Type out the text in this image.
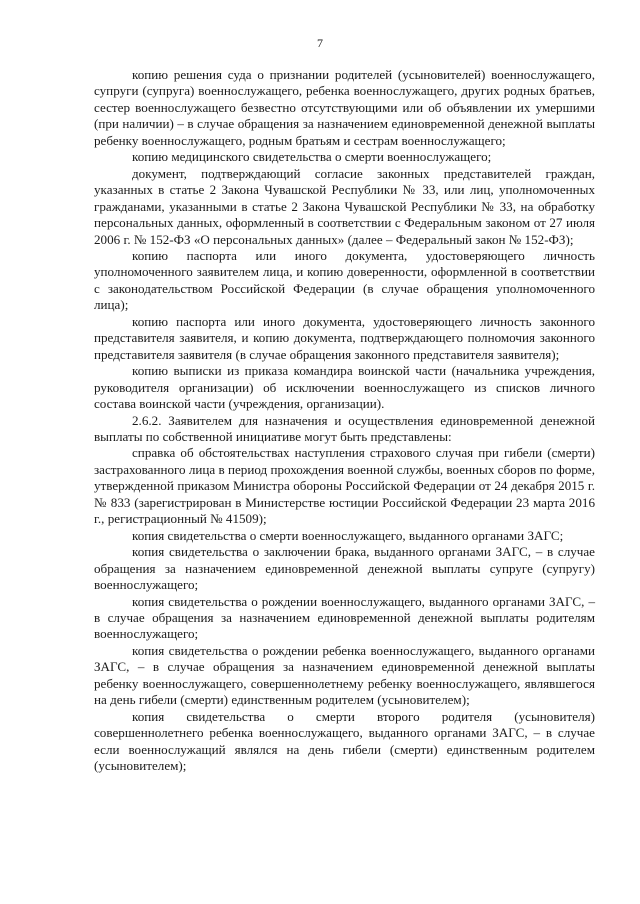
7

копию решения суда о признании родителей (усыновителей) военнослужащего, супруги (супруга) военнослужащего, ребенка военнослужащего, других родных братьев, сестер военнослужащего безвестно отсутствующими или об объявлении их умершими (при наличии) – в случае обращения за назначением единовременной денежной выплаты ребенку военнослужащего, родным братьям и сестрам военнослужащего;

копию медицинского свидетельства о смерти военнослужащего;

документ, подтверждающий согласие законных представителей граждан, указанных в статье 2 Закона Чувашской Республики № 33, или лиц, уполномоченных гражданами, указанными в статье 2 Закона Чувашской Республики № 33, на обработку персональных данных, оформленный в соответствии с Федеральным законом от 27 июля 2006 г. № 152-ФЗ «О персональных данных» (далее – Федеральный закон № 152-ФЗ);

копию паспорта или иного документа, удостоверяющего личность уполномоченного заявителем лица, и копию доверенности, оформленной в соответствии с законодательством Российской Федерации (в случае обращения уполномоченного лица);

копию паспорта или иного документа, удостоверяющего личность законного представителя заявителя, и копию документа, подтверждающего полномочия законного представителя заявителя (в случае обращения законного представителя заявителя);

копию выписки из приказа командира воинской части (начальника учреждения, руководителя организации) об исключении военнослужащего из списков личного состава воинской части (учреждения, организации).

2.6.2. Заявителем для назначения и осуществления единовременной денежной выплаты по собственной инициативе могут быть представлены:

справка об обстоятельствах наступления страхового случая при гибели (смерти) застрахованного лица в период прохождения военной службы, военных сборов по форме, утвержденной приказом Министра обороны Российской Федерации от 24 декабря 2015 г. № 833 (зарегистрирован в Министерстве юстиции Российской Федерации 23 марта 2016 г., регистрационный № 41509);

копия свидетельства о смерти военнослужащего, выданного органами ЗАГС;

копия свидетельства о заключении брака, выданного органами ЗАГС, – в случае обращения за назначением единовременной денежной выплаты супруге (супругу) военнослужащего;

копия свидетельства о рождении военнослужащего, выданного органами ЗАГС, – в случае обращения за назначением единовременной денежной выплаты родителям военнослужащего;

копия свидетельства о рождении ребенка военнослужащего, выданного органами ЗАГС, – в случае обращения за назначением единовременной денежной выплаты ребенку военнослужащего, совершеннолетнему ребенку военнослужащего, являвшегося на день гибели (смерти) единственным родителем (усыновителем);

копия свидетельства о смерти второго родителя (усыновителя) совершеннолетнего ребенка военнослужащего, выданного органами ЗАГС, – в случае если военнослужащий являлся на день гибели (смерти) единственным родителем (усыновителем);
